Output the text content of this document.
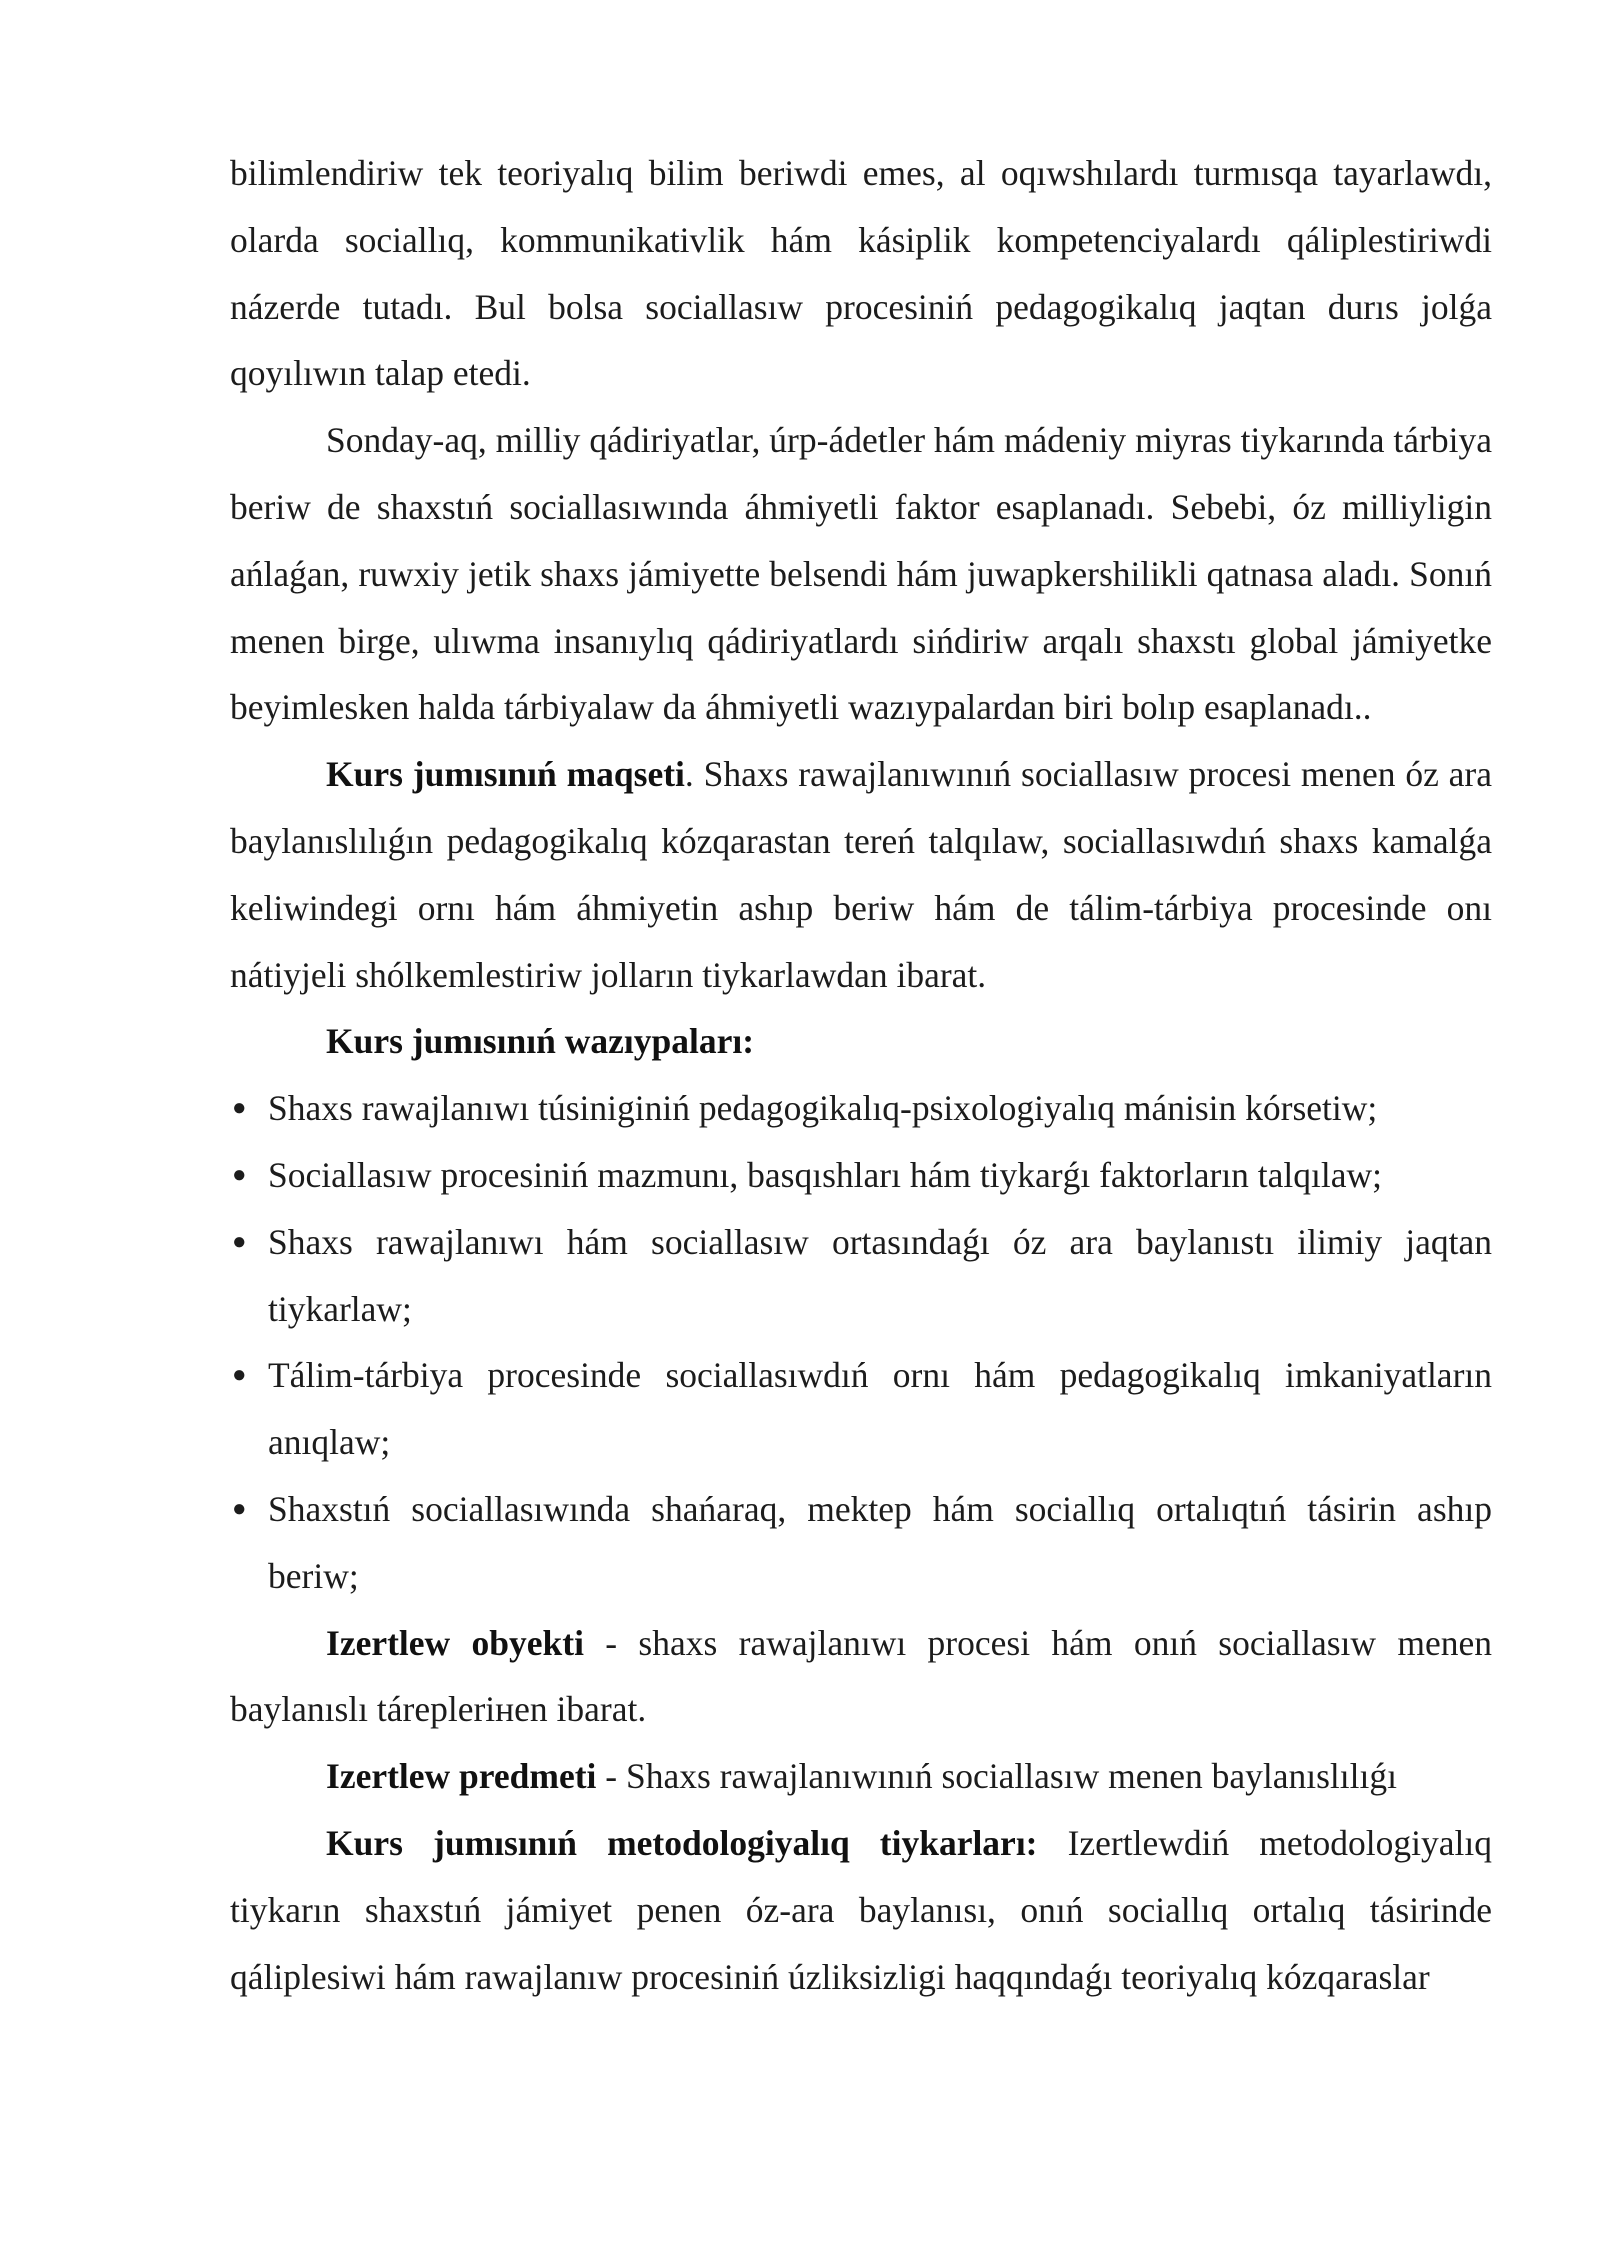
bilimlendiriw tek teoriyalıq bilim beriwdi emes, al oqıwshılardı turmısqa tayarlawdı, olarda sociallıq, kommunikativlik hám kásiplik kompetenciyalardı qáliplestiriwdi názerde tutadı. Bul bolsa sociallasıw procesiniń pedagogikalıq jaqtan durıs jolǵa qoyılıwın talap etedi.

Sonday-aq, milliy qádiriyatlar, úrp-ádetler hám mádeniy miyras tiykarında tárbiya beriw de shaxstıń sociallasıwında áhmiyetli faktor esaplanadı. Sebebi, óz milliyligin ańlaǵan, ruwxiy jetik shaxs jámiyette belsendi hám juwapkershilikli qatnasa aladı. Sonıń menen birge, ulıwma insanıylıq qádiriyatlardı sińdiriw arqalı shaxstı global jámiyetke beyimlesken halda tárbiyalaw da áhmiyetli wazıypalardan biri bolıp esaplanadı..

Kurs jumısınıń maqseti. Shaxs rawajlanıwınıń sociallasıw procesi menen óz ara baylanıslılıǵın pedagogikalıq kózqarastan tereń talqılaw, sociallasıwdıń shaxs kamalǵa keliwindegi ornı hám áhmiyetin ashıp beriw hám de tálim-tárbiya procesinde onı nátiyjeli shólkemlestiriw jolların tiykarlawdan ibarat.

Kurs jumısınıń wazıypaları:

● Shaxs rawajlanıwı túsiniginiń pedagogikalıq-psixologiyalıq mánisin kórsetiw;
● Sociallasıw procesiniń mazmunı, basqıshları hám tiykarǵı faktorların talqılaw;
● Shaxs rawajlanıwı hám sociallasıw ortasındaǵı óz ara baylanıstı ilimiy jaqtan tiykarlaw;
● Tálim-tárbiya procesinde sociallasıwdıń ornı hám pedagogikalıq imkaniyatların anıqlaw;
● Shaxstıń sociallasıwında shańaraq, mektep hám sociallıq ortalıqtıń tásirin ashıp beriw;

Izertlew obyekti - shaxs rawajlanıwı procesi hám onıń sociallasıw menen baylanıslı tárepleriнen ibarat.

Izertlew predmeti - Shaxs rawajlanıwınıń sociallasıw menen baylanıslılıǵı

Kurs jumısınıń metodologiyalıq tiykarları: Izertlewdiń metodologiyalıq tiykarın shaxstıń jámiyet penen óz-ara baylanısı, onıń sociallıq ortalıq tásirinde qáliplesiwi hám rawajlanıw procesiniń úzliksizligi haqqındaǵı teoriyalıq kózqaraslar
